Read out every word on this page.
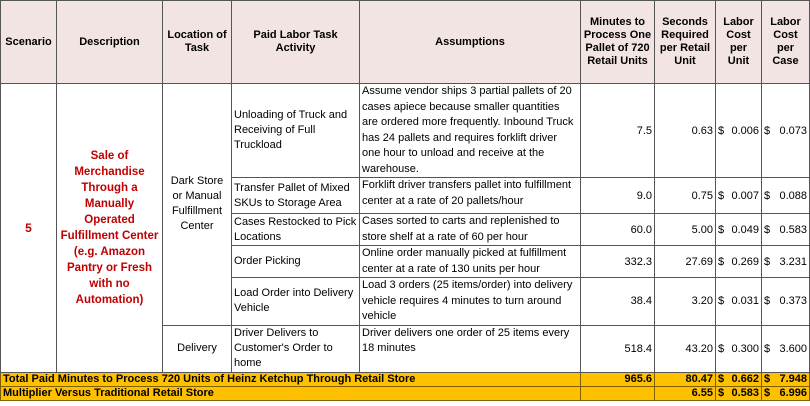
Scenario	Description	Location of Task	Paid Labor Task Activity	Assumptions	Minutes to Process One Pallet of 720 Retail Units	Seconds Required per Retail Unit	Labor Cost per Unit	Labor Cost per Case
5	Sale of Merchandise Through a Manually Operated Fulfillment Center (e.g. Amazon Pantry or Fresh with no Automation)	Dark Store or Manual Fulfillment Center	Unloading of Truck and Receiving of Full Truckload	Assume vendor ships 3 partial pallets of 20 cases apiece because smaller quantities are ordered more frequently. Inbound Truck has 24 pallets and requires forklift driver one hour to unload and receive at the warehouse.	7.5	0.63	$ 0.006	$ 0.073

			Transfer Pallet of Mixed SKUs to Storage Area	Forklift driver transfers pallet into fulfillment center at a rate of 20 pallets/hour	9.0	0.75	$ 0.007	$ 0.088

			Cases Restocked to Pick Locations	Cases sorted to carts and replenished to store shelf at a rate of 60 per hour	60.0	5.00	$ 0.049	$ 0.583

			Order Picking	Online order manually picked at fulfillment center at a rate of 130 units per hour	332.3	27.69	$ 0.269	$ 3.231

			Load Order into Delivery Vehicle	Load 3 orders (25 items/order) into delivery vehicle requires 4 minutes to turn around vehicle	38.4	3.20	$ 0.031	$ 0.373

		Delivery	Driver Delivers to Customer's Order to home	Driver delivers one order of 25 items every 18 minutes	518.4	43.20	$ 0.300	$ 3.600

Total Paid Minutes to Process 720 Units of Heinz Ketchup Through Retail Store					965.6	80.47	$ 0.662	$ 7.948

Multiplier Versus Traditional Retail Store						6.55	$ 0.583	$ 6.996
